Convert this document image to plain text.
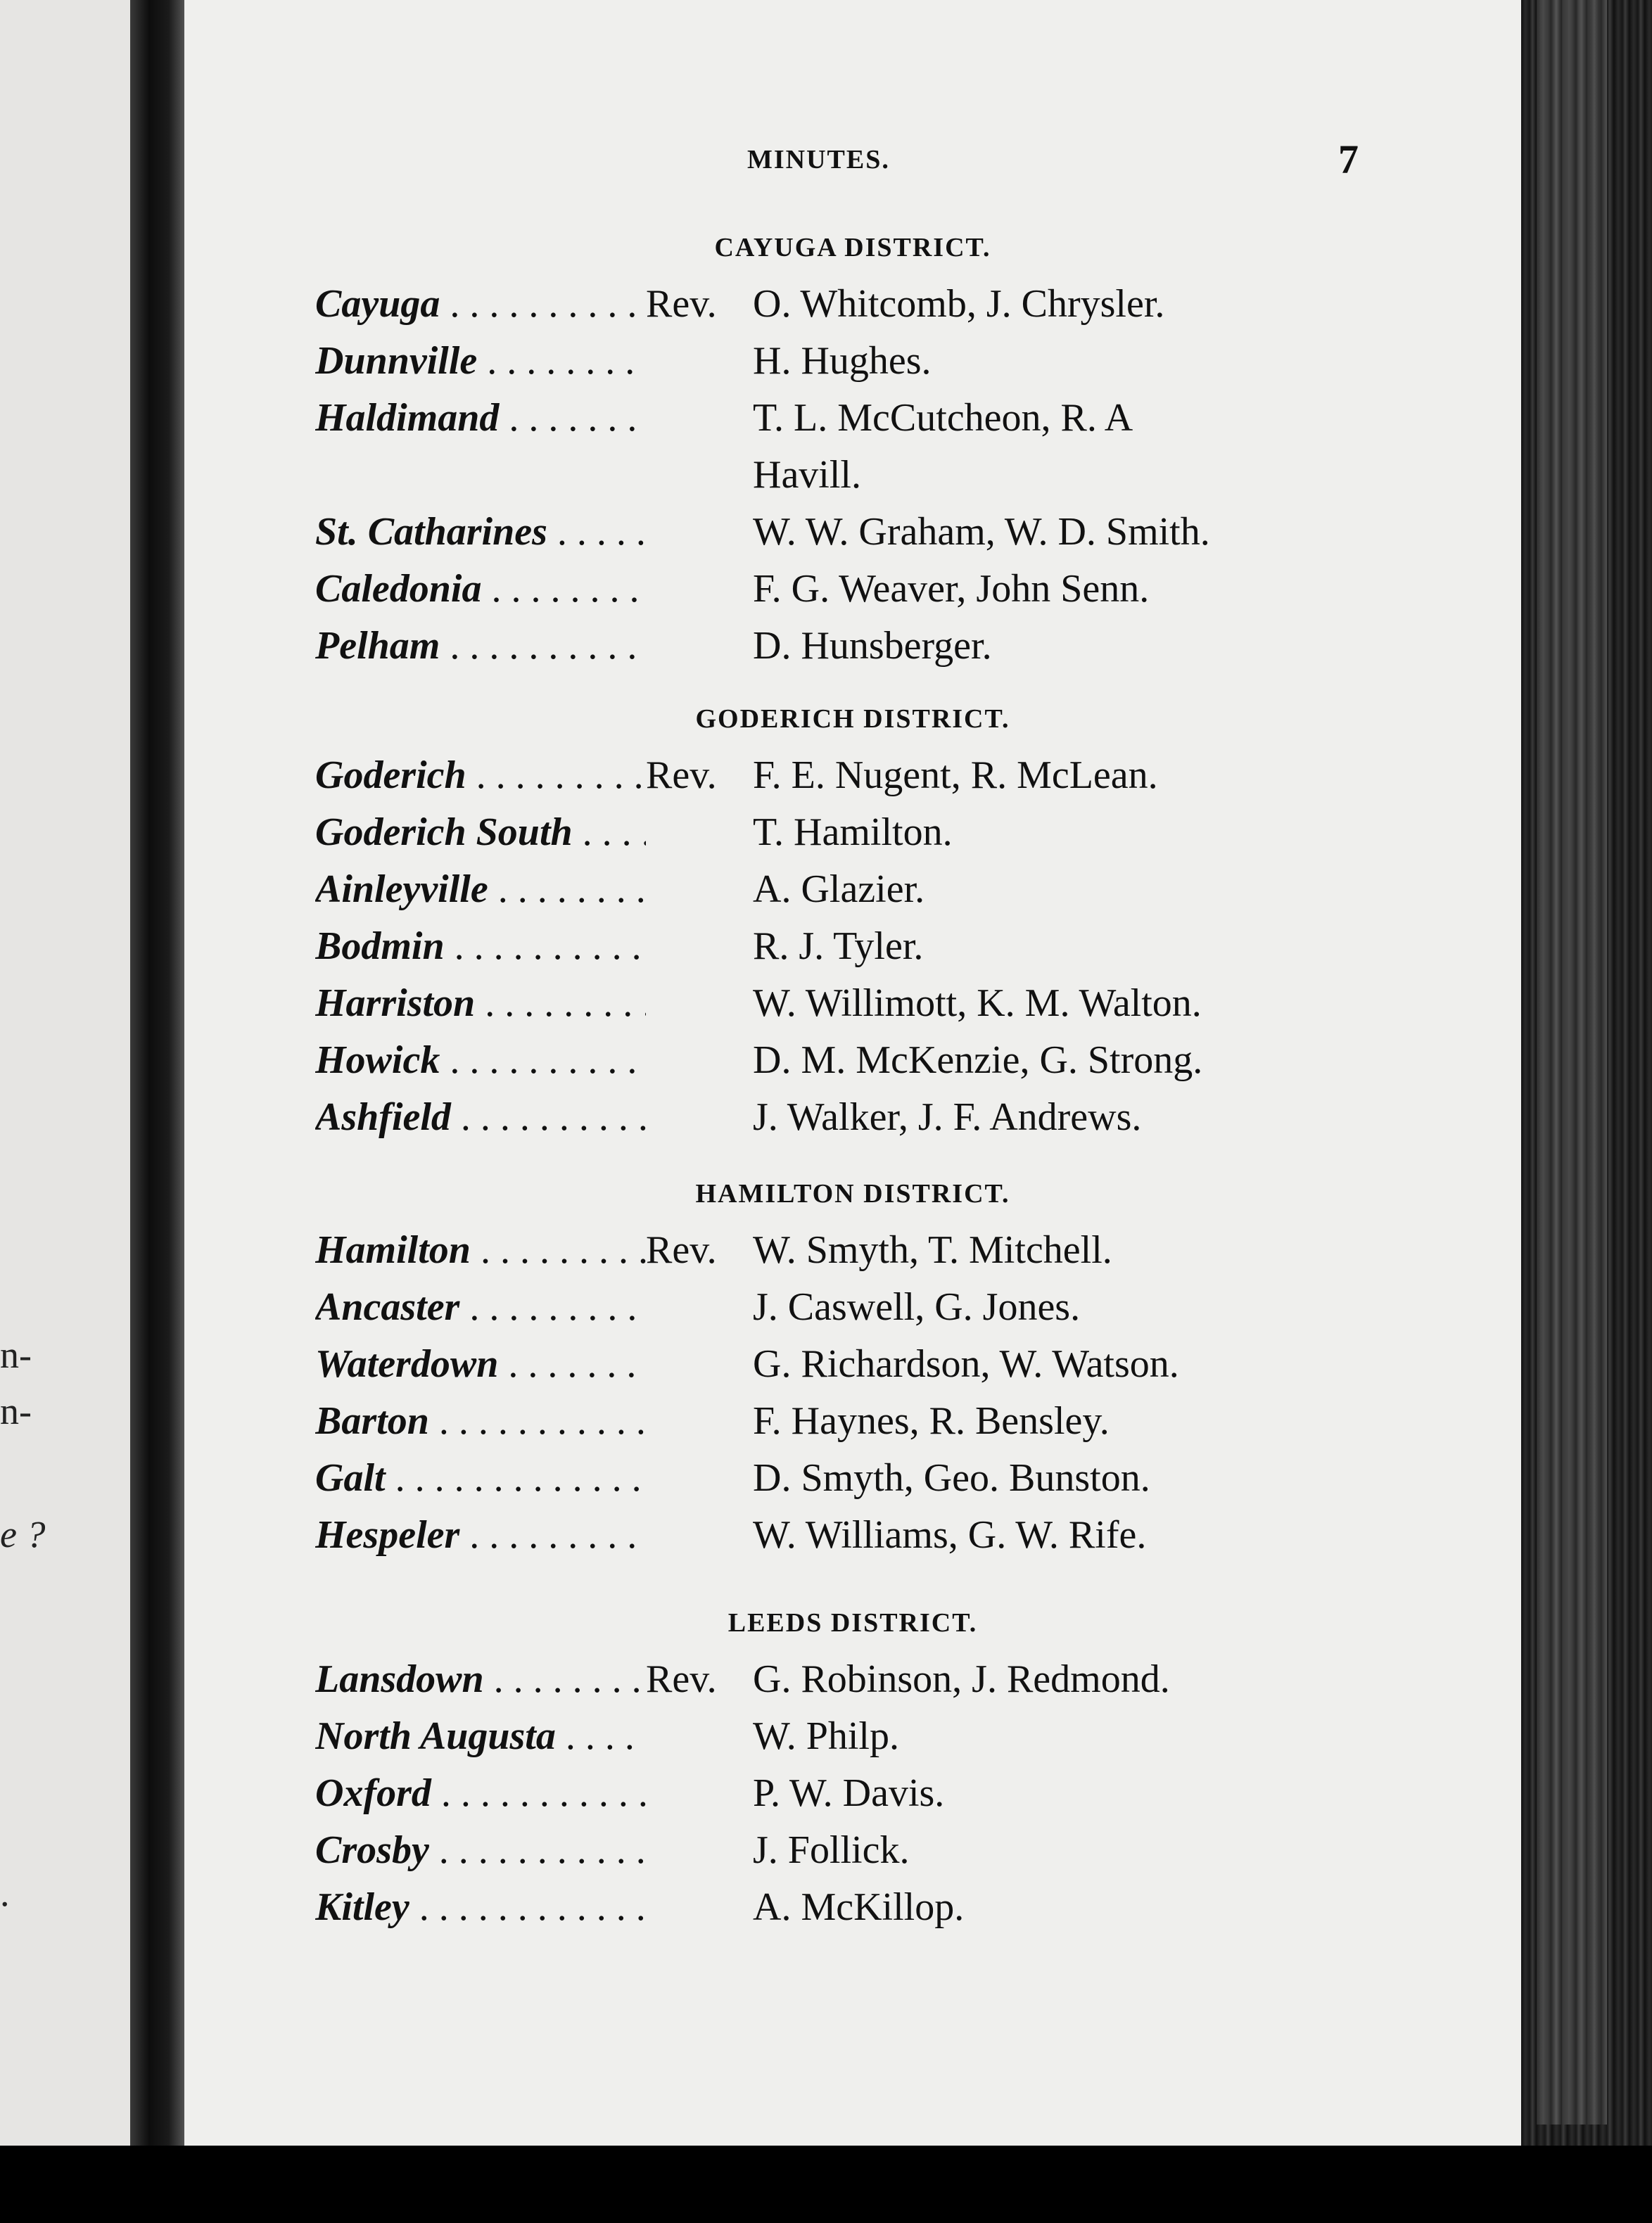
n-
n-
e ?
.
MINUTES.	7
CAYUGA DISTRICT.
Cayuga . . .	Rev. O. Whitcomb, J. Chrysler.
Dunnville . . .	H. Hughes.
Haldimand . . .	T. L. McCutcheon, R. A
Havill.
St. Catharines . . .	W. W. Graham, W. D. Smith.
Caledonia . . .	F. G. Weaver, John Senn.
Pelham . . .	D. Hunsberger.
GODERICH DISTRICT.
Goderich . . .	Rev. F. E. Nugent, R. McLean.
Goderich South . . .	T. Hamilton.
Ainleyville . . .	A. Glazier.
Bodmin . . .	R. J. Tyler.
Harriston . . .	W. Willimott, K. M. Walton.
Howick . . .	D. M. McKenzie, G. Strong.
Ashfield . . .	J. Walker, J. F. Andrews.
HAMILTON DISTRICT.
Hamilton . . .	Rev. W. Smyth, T. Mitchell.
Ancaster . . .	J. Caswell, G. Jones.
Waterdown . . .	G. Richardson, W. Watson.
Barton . . .	F. Haynes, R. Bensley.
Galt . . .	D. Smyth, Geo. Bunston.
Hespeler . . .	W. Williams, G. W. Rife.
LEEDS DISTRICT.
Lansdown . . .	Rev. G. Robinson, J. Redmond.
North Augusta . . .	W. Philp.
Oxford . . .	P. W. Davis.
Crosby . . .	J. Follick.
Kitley . . .	A. McKillop.
